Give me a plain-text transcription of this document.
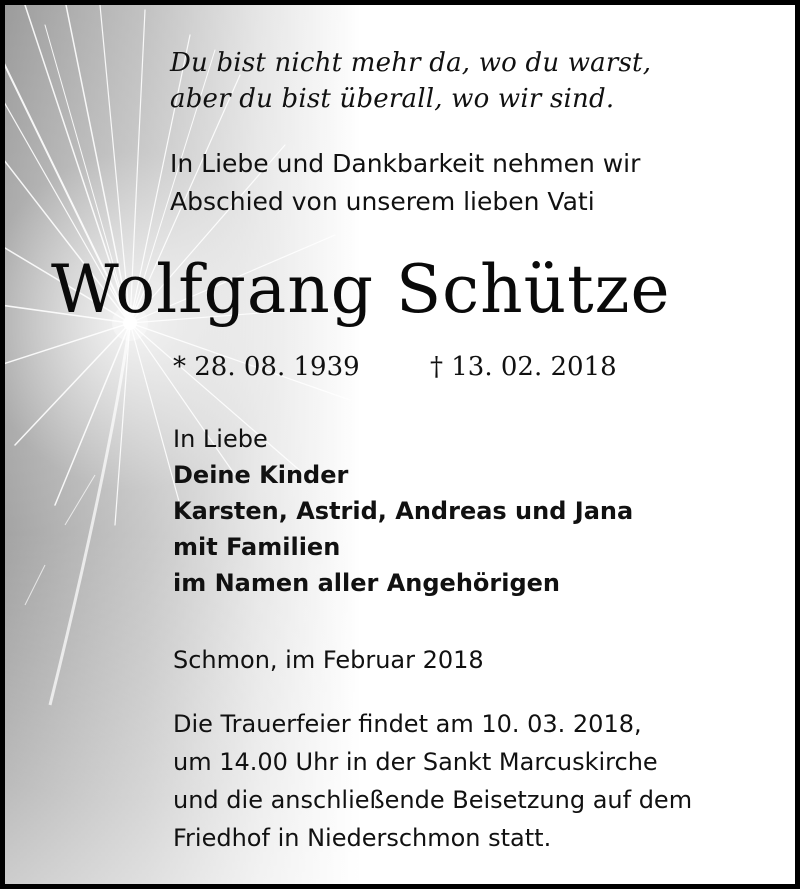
Du bist nicht mehr da, wo du warst,
aber du bist überall, wo wir sind.

In Liebe und Dankbarkeit nehmen wir
Abschied von unserem lieben Vati

Wolfgang Schütze
* 28. 08. 1939	† 13. 02. 2018

In Liebe
Deine Kinder
Karsten, Astrid, Andreas und Jana
mit Familien
im Namen aller Angehörigen

Schmon, im Februar 2018

Die Trauerfeier findet am 10. 03. 2018,
um 14.00 Uhr in der Sankt Marcuskirche
und die anschließende Beisetzung auf dem
Friedhof in Niederschmon statt.
